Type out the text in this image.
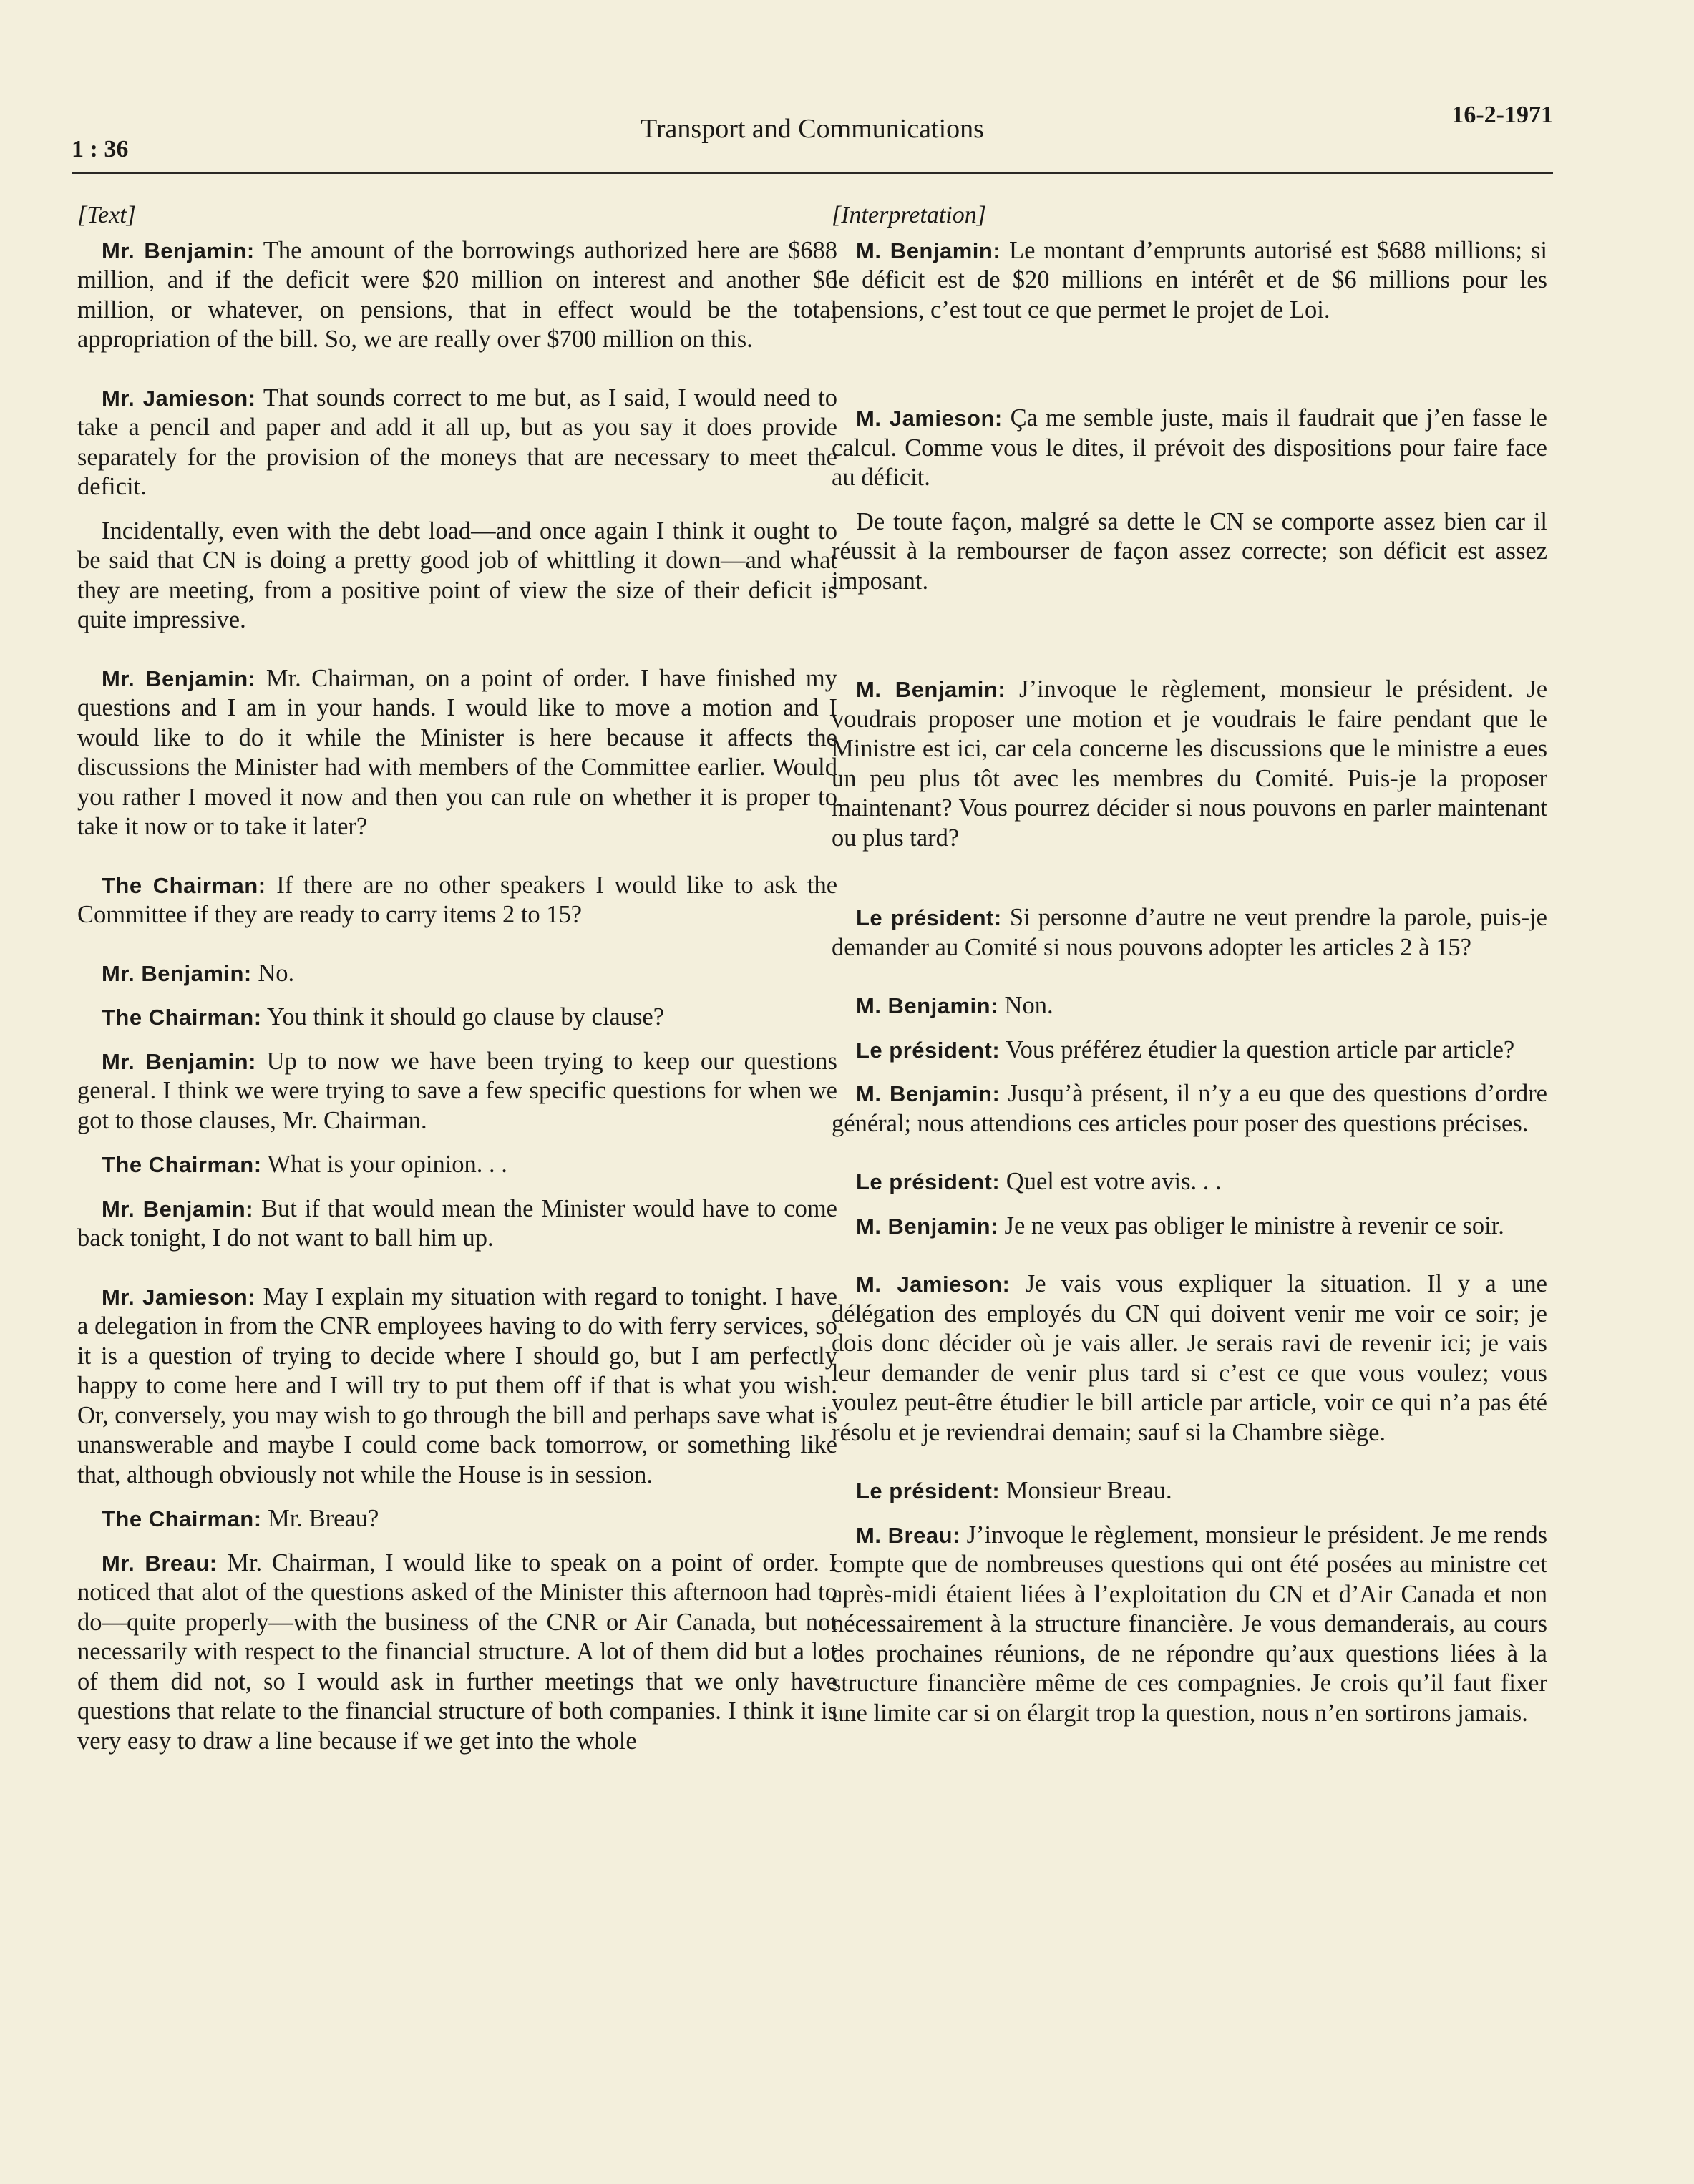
1 : 36
Transport and Communications	16-2-1971
[Text]

Mr. Benjamin: The amount of the borrowings authorized here are $688 million, and if the deficit were $20 million on interest and another $6 million, or whatever, on pensions, that in effect would be the total appropriation of the bill. So, we are really over $700 million on this.

Mr. Jamieson: That sounds correct to me but, as I said, I would need to take a pencil and paper and add it all up, but as you say it does provide separately for the provision of the moneys that are necessary to meet the deficit.

Incidentally, even with the debt load—and once again I think it ought to be said that CN is doing a pretty good job of whittling it down—and what they are meeting, from a positive point of view the size of their deficit is quite impressive.

Mr. Benjamin: Mr. Chairman, on a point of order. I have finished my questions and I am in your hands. I would like to move a motion and I would like to do it while the Minister is here because it affects the discussions the Minister had with members of the Committee earlier. Would you rather I moved it now and then you can rule on whether it is proper to take it now or to take it later?

The Chairman: If there are no other speakers I would like to ask the Committee if they are ready to carry items 2 to 15?

Mr. Benjamin: No.

The Chairman: You think it should go clause by clause?

Mr. Benjamin: Up to now we have been trying to keep our questions general. I think we were trying to save a few specific questions for when we got to those clauses, Mr. Chairman.

The Chairman: What is your opinion. . .

Mr. Benjamin: But if that would mean the Minister would have to come back tonight, I do not want to ball him up.

Mr. Jamieson: May I explain my situation with regard to tonight. I have a delegation in from the CNR employees having to do with ferry services, so it is a question of trying to decide where I should go, but I am perfectly happy to come here and I will try to put them off if that is what you wish. Or, conversely, you may wish to go through the bill and perhaps save what is unanswerable and maybe I could come back tomorrow, or something like that, although obviously not while the House is in session.

The Chairman: Mr. Breau?

Mr. Breau: Mr. Chairman, I would like to speak on a point of order. I noticed that alot of the questions asked of the Minister this afternoon had to do—quite properly—with the business of the CNR or Air Canada, but not necessarily with respect to the financial structure. A lot of them did but a lot of them did not, so I would ask in further meetings that we only have questions that relate to the financial structure of both companies. I think it is very easy to draw a line because if we get into the whole

[Interpretation]

M. Benjamin: Le montant d’emprunts autorisé est $688 millions; si le déficit est de $20 millions en intérêt et de $6 millions pour les pensions, c’est tout ce que permet le projet de Loi.

M. Jamieson: Ça me semble juste, mais il faudrait que j’en fasse le calcul. Comme vous le dites, il prévoit des dispositions pour faire face au déficit.

De toute façon, malgré sa dette le CN se comporte assez bien car il réussit à la rembourser de façon assez correcte; son déficit est assez imposant.

M. Benjamin: J’invoque le règlement, monsieur le président. Je voudrais proposer une motion et je voudrais le faire pendant que le Ministre est ici, car cela concerne les discussions que le ministre a eues un peu plus tôt avec les membres du Comité. Puis-je la proposer maintenant? Vous pourrez décider si nous pouvons en parler maintenant ou plus tard?

Le président: Si personne d’autre ne veut prendre la parole, puis-je demander au Comité si nous pouvons adopter les articles 2 à 15?

M. Benjamin: Non.

Le président: Vous préférez étudier la question article par article?

M. Benjamin: Jusqu’à présent, il n’y a eu que des questions d’ordre général; nous attendions ces articles pour poser des questions précises.

Le président: Quel est votre avis. . .

M. Benjamin: Je ne veux pas obliger le ministre à revenir ce soir.

M. Jamieson: Je vais vous expliquer la situation. Il y a une délégation des employés du CN qui doivent venir me voir ce soir; je dois donc décider où je vais aller. Je serais ravi de revenir ici; je vais leur demander de venir plus tard si c’est ce que vous voulez; vous voulez peut-être étudier le bill article par article, voir ce qui n’a pas été résolu et je reviendrai demain; sauf si la Chambre siège.

Le président: Monsieur Breau.

M. Breau: J’invoque le règlement, monsieur le président. Je me rends compte que de nombreuses questions qui ont été posées au ministre cet après-midi étaient liées à l’exploitation du CN et d’Air Canada et non nécessairement à la structure financière. Je vous demanderais, au cours des prochaines réunions, de ne répondre qu’aux questions liées à la structure financière même de ces compagnies. Je crois qu’il faut fixer une limite car si on élargit trop la question, nous n’en sortirons jamais.
